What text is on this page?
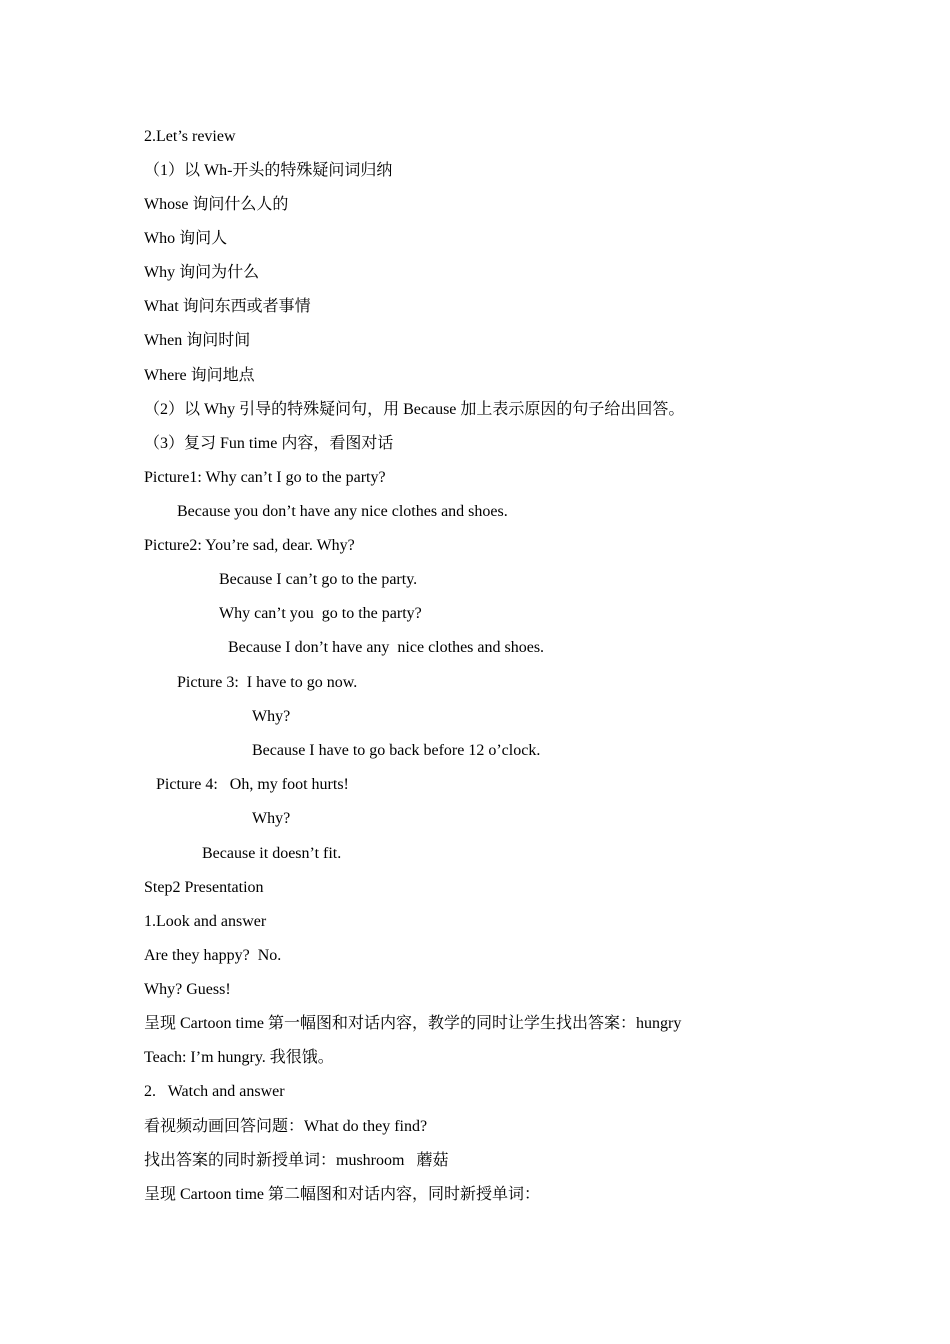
2.Let’s review
（1）以 Wh-开头的特殊疑问词归纳
Whose 询问什么人的
Who 询问人
Why 询问为什么
What 询问东西或者事情
When 询问时间
Where 询问地点
（2）以 Why 引导的特殊疑问句，用 Because 加上表示原因的句子给出回答。
（3）复习 Fun time 内容，看图对话
Picture1: Why can’t I go to the party?
Because you don’t have any nice clothes and shoes.
Picture2: You’re sad, dear. Why?
Because I can’t go to the party.
Why can’t you  go to the party?
Because I don’t have any  nice clothes and shoes.
Picture 3:  I have to go now.
Why?
Because I have to go back before 12 o’clock.
Picture 4:   Oh, my foot hurts!
Why?
Because it doesn’t fit.
Step2 Presentation
1.Look and answer
Are they happy?  No.
Why? Guess!
呈现 Cartoon time 第一幅图和对话内容，教学的同时让学生找出答案：hungry
Teach: I’m hungry. 我很饿。
2.   Watch and answer
看视频动画回答问题：What do they find?
找出答案的同时新授单词：mushroom   蘑菇
呈现 Cartoon time 第二幅图和对话内容，同时新授单词：
